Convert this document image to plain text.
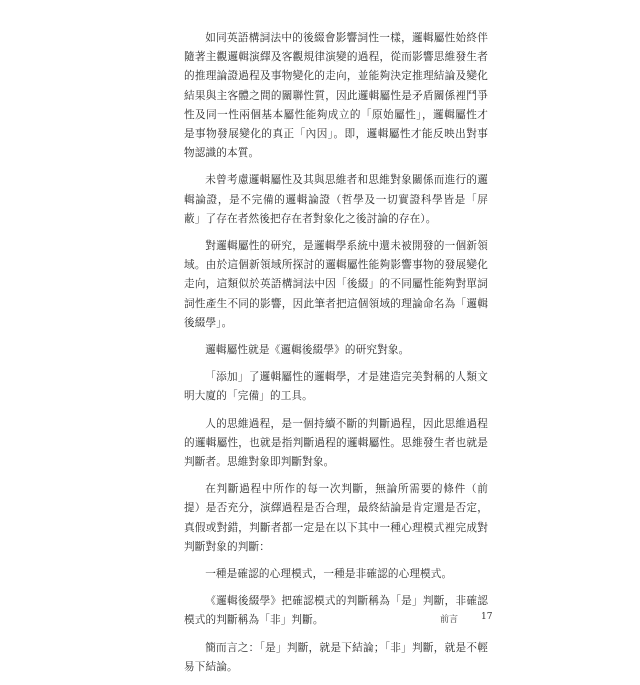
如同英語構詞法中的後綴會影響詞性一樣，邏輯屬性始終伴隨著主觀邏輯演繹及客觀規律演變的過程，從而影響思維發生者的推理論證過程及事物變化的走向，並能夠決定推理結論及變化結果與主客體之間的關聯性質，因此邏輯屬性是矛盾關係裡鬥爭性及同一性兩個基本屬性能夠成立的「原始屬性」，邏輯屬性才是事物發展變化的真正「內因」。即，邏輯屬性才能反映出對事物認識的本質。

未曾考慮邏輯屬性及其與思維者和思維對象關係而進行的邏輯論證，是不完備的邏輯論證（哲學及一切實證科學皆是「屏蔽」了存在者然後把存在者對象化之後討論的存在）。

對邏輯屬性的研究，是邏輯學系統中還未被開發的一個新領域。由於這個新領域所探討的邏輯屬性能夠影響事物的發展變化走向，這類似於英語構詞法中因「後綴」的不同屬性能夠對單詞詞性產生不同的影響，因此筆者把這個領域的理論命名為「邏輯後綴學」。

邏輯屬性就是《邏輯後綴學》的研究對象。

「添加」了邏輯屬性的邏輯學，才是建造完美對稱的人類文明大廈的「完備」的工具。

人的思維過程，是一個持續不斷的判斷過程，因此思維過程的邏輯屬性，也就是指判斷過程的邏輯屬性。思維發生者也就是判斷者。思維對象即判斷對象。

在判斷過程中所作的每一次判斷，無論所需要的條件（前提）是否充分，演繹過程是否合理，最終結論是肯定還是否定，真假或對錯，判斷者都一定是在以下其中一種心理模式裡完成對判斷對象的判斷：

一種是確認的心理模式，一種是非確認的心理模式。

《邏輯後綴學》把確認模式的判斷稱為「是」判斷，非確認模式的判斷稱為「非」判斷。

簡而言之：「是」判斷，就是下結論；「非」判斷，就是不輕易下結論。

前言	17
